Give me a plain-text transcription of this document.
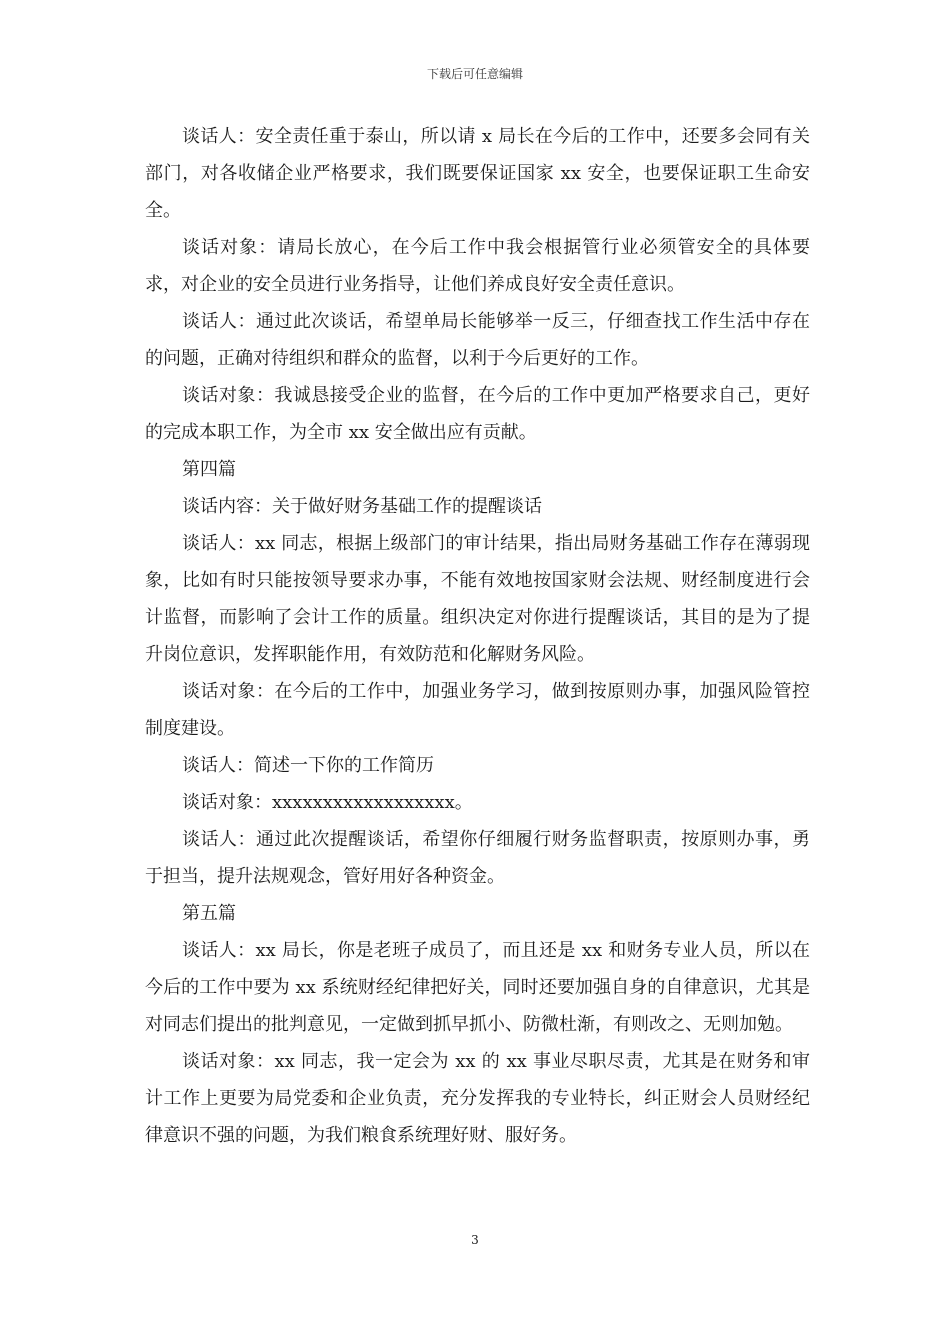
下载后可任意编辑

谈话人：安全责任重于泰山，所以请 x 局长在今后的工作中，还要多会同有关部门，对各收储企业严格要求，我们既要保证国家 xx 安全，也要保证职工生命安全。

谈话对象：请局长放心，在今后工作中我会根据管行业必须管安全的具体要求，对企业的安全员进行业务指导，让他们养成良好安全责任意识。

谈话人：通过此次谈话，希望单局长能够举一反三，仔细查找工作生活中存在的问题，正确对待组织和群众的监督，以利于今后更好的工作。

谈话对象：我诚恳接受企业的监督，在今后的工作中更加严格要求自己，更好的完成本职工作，为全市 xx 安全做出应有贡献。

第四篇

谈话内容：关于做好财务基础工作的提醒谈话

谈话人：xx 同志，根据上级部门的审计结果，指出局财务基础工作存在薄弱现象，比如有时只能按领导要求办事，不能有效地按国家财会法规、财经制度进行会计监督，而影响了会计工作的质量。组织决定对你进行提醒谈话，其目的是为了提升岗位意识，发挥职能作用，有效防范和化解财务风险。

谈话对象：在今后的工作中，加强业务学习，做到按原则办事，加强风险管控制度建设。

谈话人：简述一下你的工作简历

谈话对象：xxxxxxxxxxxxxxxxxx。

谈话人：通过此次提醒谈话，希望你仔细履行财务监督职责，按原则办事，勇于担当，提升法规观念，管好用好各种资金。

第五篇

谈话人：xx 局长，你是老班子成员了，而且还是 xx 和财务专业人员，所以在今后的工作中要为 xx 系统财经纪律把好关，同时还要加强自身的自律意识，尤其是对同志们提出的批判意见，一定做到抓早抓小、防微杜渐，有则改之、无则加勉。

谈话对象：xx 同志，我一定会为 xx 的 xx 事业尽职尽责，尤其是在财务和审计工作上更要为局党委和企业负责，充分发挥我的专业特长，纠正财会人员财经纪律意识不强的问题，为我们粮食系统理好财、服好务。

3
